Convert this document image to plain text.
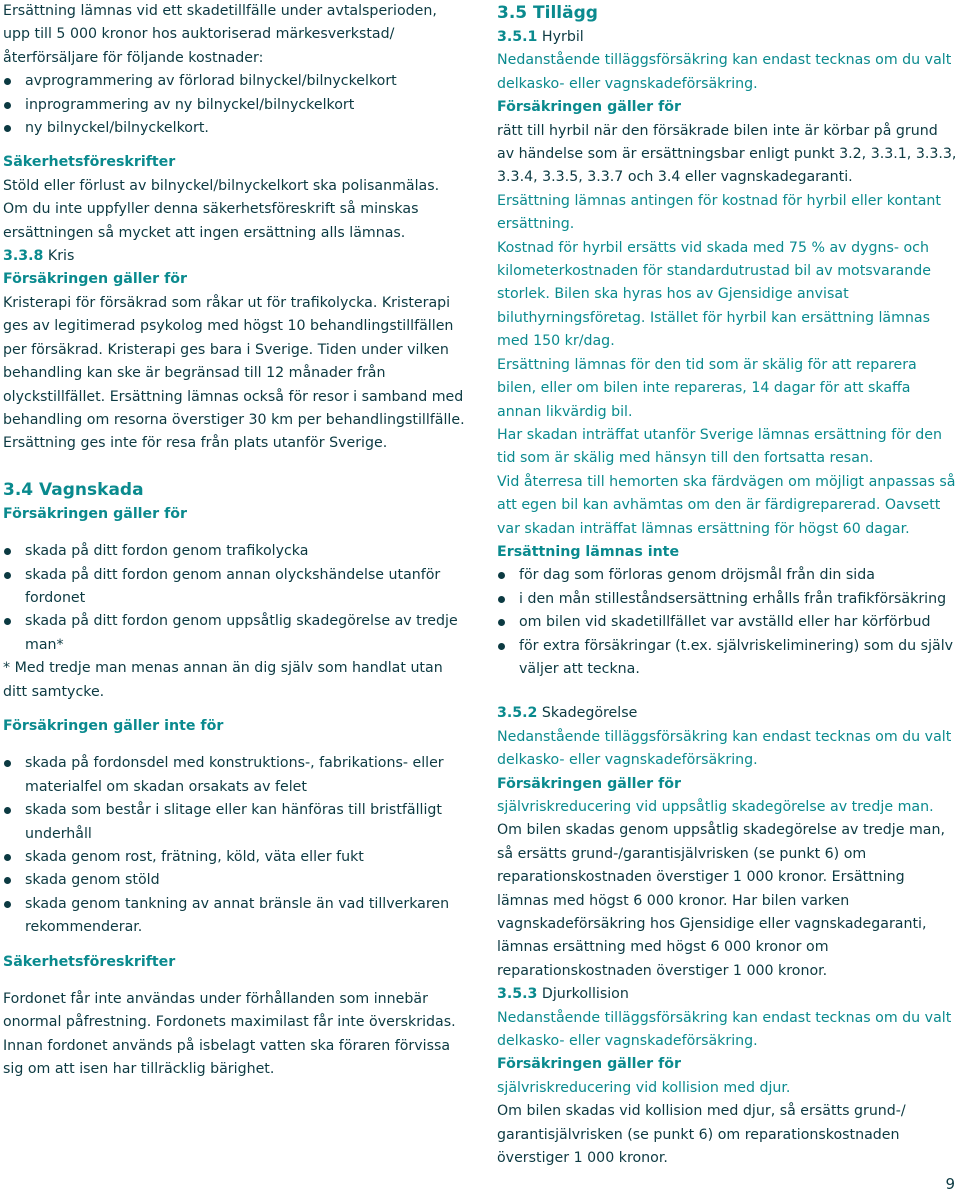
Ersättning lämnas vid ett skadetillfälle under avtalsperioden, upp till 5 000 kronor hos auktoriserad märkesverkstad/återförsäljare för följande kostnader:

avprogrammering av förlorad bilnyckel/bilnyckelkort
inprogrammering av ny bilnyckel/bilnyckelkort
ny bilnyckel/bilnyckelkort.

Säkerhetsföreskrifter

Stöld eller förlust av bilnyckel/bilnyckelkort ska polisanmälas. Om du inte uppfyller denna säkerhetsföreskrift så minskas ersättningen så mycket att ingen ersättning alls lämnas.

3.3.8 Kris

Försäkringen gäller för

Kristerapi för försäkrad som råkar ut för trafikolycka. Kristerapi ges av legitimerad psykolog med högst 10 behandlingstillfällen per försäkrad. Kristerapi ges bara i Sverige. Tiden under vilken behandling kan ske är begränsad till 12 månader från olyckstillfället. Ersättning lämnas också för resor i samband med behandling om resorna överstiger 30 km per behandlingstillfälle. Ersättning ges inte för resa från plats utanför Sverige.

3.4 Vagnskada

Försäkringen gäller för

skada på ditt fordon genom trafikolycka
skada på ditt fordon genom annan olyckshändelse utanför fordonet
skada på ditt fordon genom uppsåtlig skadegörelse av tredje man*

* Med tredje man menas annan än dig själv som handlat utan ditt samtycke.

Försäkringen gäller inte för

skada på fordonsdel med konstruktions-, fabrikations- eller materialfel om skadan orsakats av felet
skada som består i slitage eller kan hänföras till bristfälligt underhåll
skada genom rost, frätning, köld, väta eller fukt
skada genom stöld
skada genom tankning av annat bränsle än vad tillverkaren rekommenderar.

Säkerhetsföreskrifter

Fordonet får inte användas under förhållanden som innebär onormal påfrestning. Fordonets maximilast får inte överskridas. Innan fordonet används på isbelagt vatten ska föraren förvissa sig om att isen har tillräcklig bärighet.

3.5 Tillägg

3.5.1 Hyrbil

Nedanstående tilläggsförsäkring kan endast tecknas om du valt delkasko- eller vagnskadeförsäkring.

Försäkringen gäller för

rätt till hyrbil när den försäkrade bilen inte är körbar på grund av händelse som är ersättningsbar enligt punkt 3.2, 3.3.1, 3.3.3, 3.3.4, 3.3.5, 3.3.7 och 3.4 eller vagnskadegaranti.

Ersättning lämnas antingen för kostnad för hyrbil eller kontant ersättning.

Kostnad för hyrbil ersätts vid skada med 75 % av dygns- och kilometerkostnaden för standardutrustad bil av motsvarande storlek. Bilen ska hyras hos av Gjensidige anvisat biluthyrningsföretag. Istället för hyrbil kan ersättning lämnas med 150 kr/dag.

Ersättning lämnas för den tid som är skälig för att reparera bilen, eller om bilen inte repareras, 14 dagar för att skaffa annan likvärdig bil.

Har skadan inträffat utanför Sverige lämnas ersättning för den tid som är skälig med hänsyn till den fortsatta resan.

Vid återresa till hemorten ska färdvägen om möjligt anpassas så att egen bil kan avhämtas om den är färdigreparerad. Oavsett var skadan inträffat lämnas ersättning för högst 60 dagar.

Ersättning lämnas inte

för dag som förloras genom dröjsmål från din sida
i den mån stilleståndsersättning erhålls från trafikförsäkring
om bilen vid skadetillfället var avställd eller har körförbud
för extra försäkringar (t.ex. självriskeliminering) som du själv väljer att teckna.

3.5.2 Skadegörelse

Nedanstående tilläggsförsäkring kan endast tecknas om du valt delkasko- eller vagnskadeförsäkring.

Försäkringen gäller för

självriskreducering vid uppsåtlig skadegörelse av tredje man.

Om bilen skadas genom uppsåtlig skadegörelse av tredje man, så ersätts grund-/garantisjälvrisken (se punkt 6) om reparationskostnaden överstiger 1 000 kronor. Ersättning lämnas med högst 6 000 kronor. Har bilen varken vagnskadeförsäkring hos Gjensidige eller vagnskadegaranti, lämnas ersättning med högst 6 000 kronor om reparationskostnaden överstiger 1 000 kronor.

3.5.3 Djurkollision

Nedanstående tilläggsförsäkring kan endast tecknas om du valt delkasko- eller vagnskadeförsäkring.

Försäkringen gäller för

självriskreducering vid kollision med djur.

Om bilen skadas vid kollision med djur, så ersätts grund-/ garantisjälvrisken (se punkt 6) om reparationskostnaden överstiger 1 000 kronor.

9
